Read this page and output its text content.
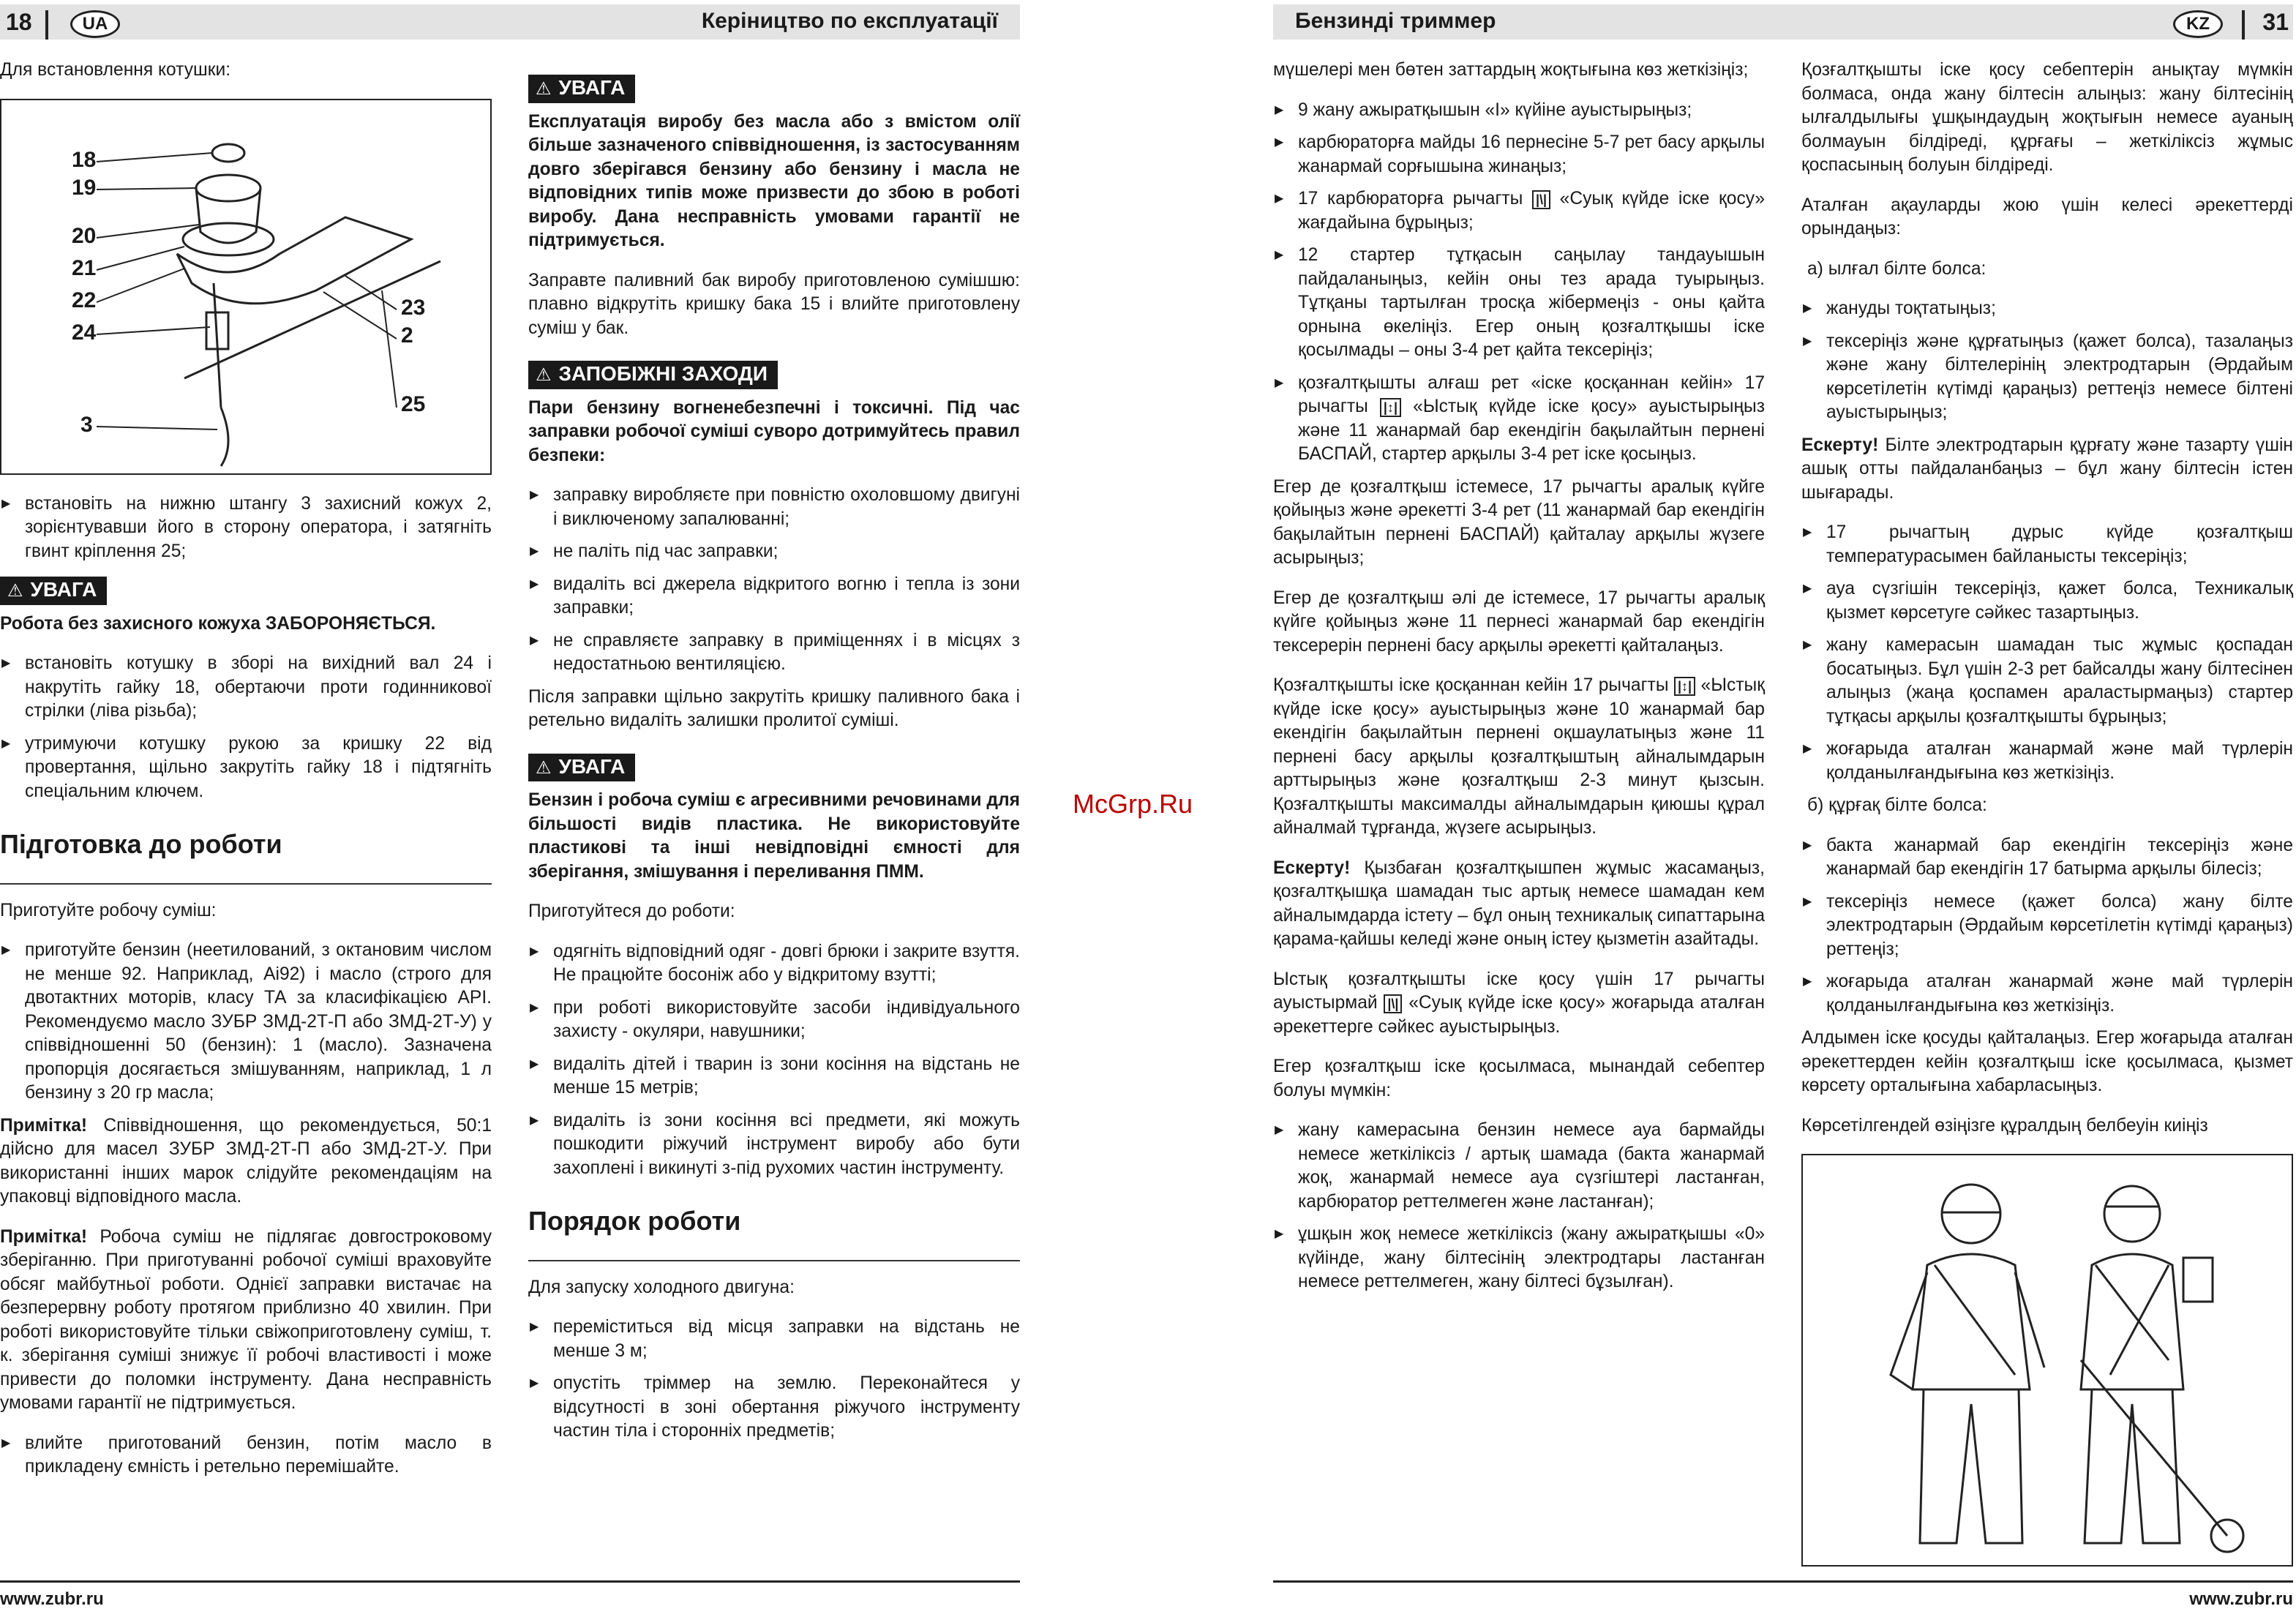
18	UA	Керіництво по експлуатації

Для встановлення котушки:

18
19
20
21
22
24
23
2
25
3
▶ встановіть на нижню штангу 3 захисний кожух 2, зорієнтувавши його в сторону оператора, і затягніть гвинт кріплення 25;
⚠ УВАГА

Робота без захисного кожуха ЗАБОРОНЯЄТЬСЯ.

▶ встановіть котушку в зборі на вихідний вал 24 і накрутіть гайку 18, обертаючи проти годинникової стрілки (ліва різьба);
▶ утримуючи котушку рукою за кришку 22 від провертання, щільно закрутіть гайку 18 і підтягніть спеціальним ключем.
Підготовка до роботи

Приготуйте робочу суміш:

▶ приготуйте бензин (неетилований, з октановим числом не менше 92. Наприклад, Ai92) і масло (строго для двотактних моторів, класу ТА за класифікацією API. Рекомендуємо масло ЗУБР ЗМД-2Т-П або ЗМД-2Т-У) у співвідношенні 50 (бензин): 1 (масло). Зазначена пропорція досягається змішуванням, наприклад, 1 л бензину з 20 гр масла;

Примітка! Співвідношення, що рекомендується, 50:1 дійсно для масел ЗУБР ЗМД-2Т-П або ЗМД-2Т-У. При використанні інших марок слідуйте рекомендаціям на упаковці відповідного масла.

Примітка! Робоча суміш не підлягає довгостроковому зберіганню. При приготуванні робочої суміші враховуйте обсяг майбутньої роботи. Однієї заправки вистачає на безперервну роботу протягом приблизно 40 хвилин. При роботі використовуйте тільки свіжоприготовлену суміш, т. к. зберігання суміші знижує її робочі властивості і може привести до поломки інструменту. Дана несправність умовами гарантії не підтримується.

▶ влийте приготований бензин, потім масло в прикладену ємність і ретельно перемішайте.
⚠ УВАГА

Експлуатація виробу без масла або з вмістом олії більше зазначеного співвідношення, із застосуванням довго зберігався бензину або бензину і масла не відповідних типів може призвести до збою в роботі виробу. Дана несправність умовами гарантії не підтримується.

Заправте паливний бак виробу приготовленою сумішшю: плавно відкрутіть кришку бака 15 і влийте приготовлену суміш у бак.

⚠ ЗАПОБІЖНІ ЗАХОДИ

Пари бензину вогненебезпечні і токсичні. Під час заправки робочої суміші суворо дотримуйтесь правил безпеки:

▶ заправку виробляєте при повністю охоловшому двигуні і виключеному запалюванні;
▶ не паліть під час заправки;
▶ видаліть всі джерела відкритого вогню і тепла із зони заправки;
▶ не справляєте заправку в приміщеннях і в місцях з недостатньою вентиляцією.

Після заправки щільно закрутіть кришку паливного бака і ретельно видаліть залишки пролитої суміші.

⚠ УВАГА

Бензин і робоча суміш є агресивними речовинами для більшості видів пластика. Не використовуйте пластикові та інші невідповідні ємності для зберігання, змішування і переливання ПММ.

Приготуйтеся до роботи:

▶ одягніть відповідний одяг - довгі брюки і закрите взуття. Не працюйте босоніж або у відкритому взутті;
▶ при роботі використовуйте засоби індивідуального захисту - окуляри, навушники;
▶ видаліть дітей і тварин із зони косіння на відстань не менше 15 метрів;
▶ видаліть із зони косіння всі предмети, які можуть пошкодити ріжучий інструмент виробу або бути захоплені і викинуті з-під рухомих частин інструменту.
Порядок роботи

Для запуску холодного двигуна:

▶ переміститься від місця заправки на відстань не менше 3 м;
▶ опустіть тріммер на землю. Переконайтеся у відсутності в зоні обертання ріжучого інструменту частин тіла і сторонніх предметів;
www.zubr.ru
McGrp.Ru
Бензинді триммер	KZ	31

мүшелері мен бөтен заттардың жоқтығына көз жеткізіңіз;

▶ 9 жану ажыратқышын «I» күйіне ауыстырыңыз;
▶ карбюраторға майды 16 пернесіне 5-7 рет басу арқылы жанармай сорғышына жинаңыз;
▶ 17 карбюраторға рычагты |\| «Суық күйде іске қосу» жағдайына бұрыңыз;
▶ 12 стартер тұтқасын саңылау тандауышын пайдаланыңыз, кейін оны тез арада туырыңыз. Тұтқаны тартылған тросқа жібермеңіз - оны қайта орнына өкеліңіз. Егер оның қозғалтқышы іске қосылмады – оны 3-4 рет қайта тексеріңіз;
▶ қозғалтқышты алғаш рет «іске қосқаннан кейін» 17 рычагты |↕| «Ыстық күйде іске қосу» ауыстырыңыз және 11 жанармай бар екендігін бақылайтын пернені БАСПАЙ, стартер арқылы 3-4 рет іске қосыңыз.

Егер де қозғалтқыш істемесе, 17 рычагты аралық күйге қойыңыз және әрекетті 3-4 рет (11 жанармай бар екендігін бақылайтын пернені БАСПАЙ) қайталау арқылы жүзеге асырыңыз;

Егер де қозғалтқыш әлі де істемесе, 17 рычагты аралық күйге қойыңыз және 11 пернесі жанармай бар екендігін тексерерін пернені басу арқылы әрекетті қайталаңыз.

Қозғалтқышты іске қосқаннан кейін 17 рычагты |↕| «Ыстық күйде іске қосу» ауыстырыңыз және 10 жанармай бар екендігін бақылайтын пернені оқшаулатыңыз және 11 пернені басу арқылы қозғалтқыштың айналымдарын арттырыңыз және қозғалтқыш 2-3 минут қызсын. Қозғалтқышты максималды айналымдарын қиюшы құрал айналмай тұрғанда, жүзеге асырыңыз.

Ескерту! Қызбаған қозғалтқышпен жұмыс жасамаңыз, қозғалтқышқа шамадан тыс артық немесе шамадан кем айналымдарда істету – бұл оның техникалық сипаттарына қарама-қайшы келеді және оның істеу қызметін азайтады.

Ыстық қозғалтқышты іске қосу үшін 17 рычагты ауыстырмай |\| «Суық күйде іске қосу» жоғарыда аталған әрекеттерге сәйкес ауыстырыңыз.

Егер қозғалтқыш іске қосылмаса, мынандай себептер болуы мүмкін:

▶ жану камерасына бензин немесе ауа бармайды немесе жеткіліксіз / артық шамада (бакта жанармай жоқ, жанармай немесе ауа сүзгіштері ластанған, карбюратор реттелмеген және ластанған);
▶ ұшқын жоқ немесе жеткіліксіз (жану ажыратқышы «0» күйінде, жану білтесінің электродтары ластанған немесе реттелмеген, жану білтесі бұзылған).

Қозғалтқышты іске қосу себептерін анықтау мүмкін болмаса, онда жану білтесін алыңыз: жану білтесінің ылғалдылығы ұшқындаудың жоқтығын немесе ауаның болмауын білдіреді, құрғағы – жеткіліксіз жұмыс қоспасының болуын білдіреді.

Аталған ақауларды жою үшін келесі әрекеттерді орындаңыз:

а) ылғал білте болса:

▶ жануды тоқтатыңыз;
▶ тексеріңіз және құрғатыңыз (қажет болса), тазалаңыз және жану білтелерінің электродтарын (Әрдайым көрсетілетін күтімді қараңыз) реттеңіз немесе білтені ауыстырыңыз;

Ескерту! Білте электродтарын құрғату және тазарту үшін ашық отты пайдаланбаңыз – бұл жану білтесін істен шығарады.

▶ 17 рычагтың дұрыс күйде қозғалтқыш температурасымен байланысты тексеріңіз;
▶ ауа сүзгішін тексеріңіз, қажет болса, Техникалық қызмет көрсетуге сәйкес тазартыңыз.
▶ жану камерасын шамадан тыс жұмыс қоспадан босатыңыз. Бұл үшін 2-3 рет байсалды жану білтесінен алыңыз (жаңа қоспамен араластырмаңыз) стартер тұтқасы арқылы қозғалтқышты бұрыңыз;
▶ жоғарыда аталған жанармай және май түрлерін қолданылғандығына көз жеткізіңіз.

б) құрғақ білте болса:

▶ бакта жанармай бар екендігін тексеріңіз және жанармай бар екендігін 17 батырма арқылы білесіз;
▶ тексеріңіз немесе (қажет болса) жану білте электродтарын (Әрдайым көрсетілетін күтімді қараңыз) реттеңіз;
▶ жоғарыда аталған жанармай және май түрлерін қолданылғандығына көз жеткізіңіз.

Алдымен іске қосуды қайталаңыз. Егер жоғарыда аталған әрекеттерден кейін қозғалтқыш іске қосылмаса, қызмет көрсету орталығына хабарласыңыз.

Көрсетілгендей өзіңізге құралдың белбеуін киіңіз

www.zubr.ru
